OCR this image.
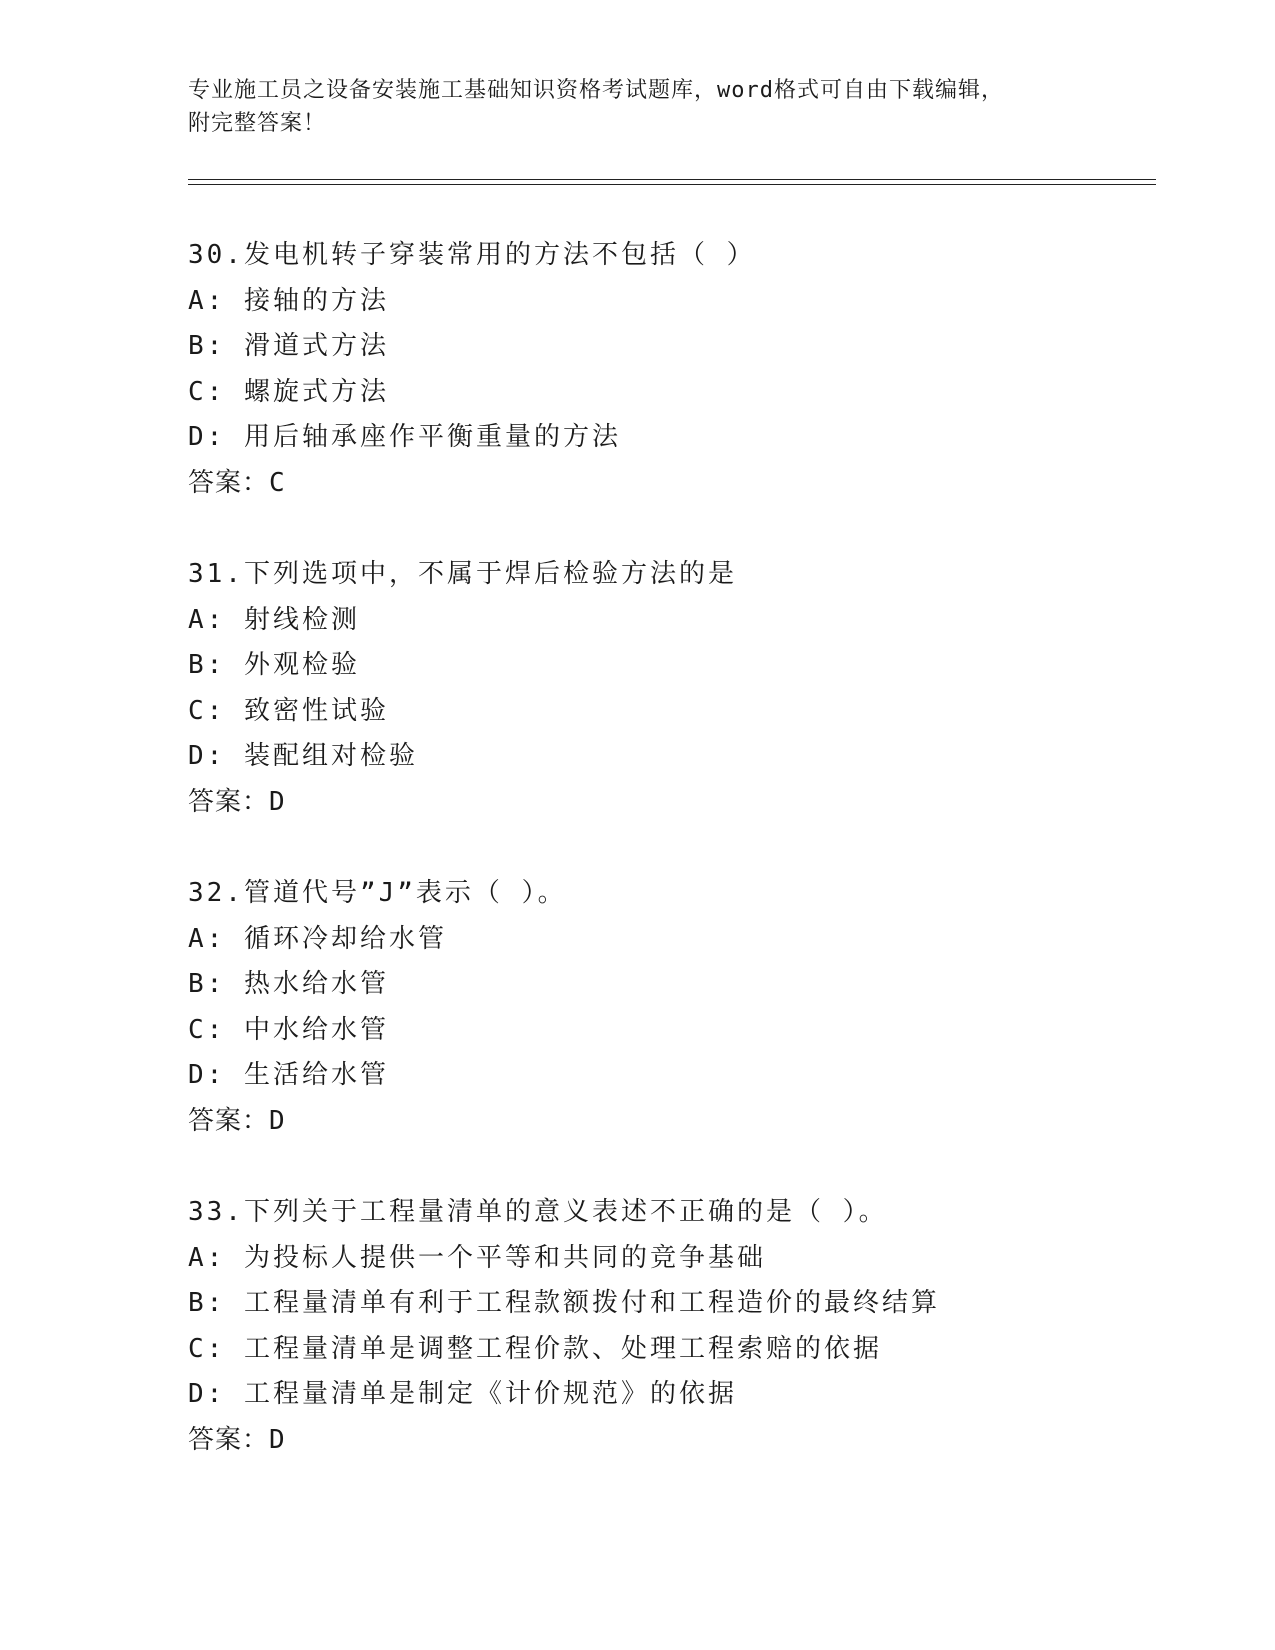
专业施工员之设备安装施工基础知识资格考试题库，word格式可自由下载编辑，
附完整答案！
30.发电机转子穿装常用的方法不包括（ ）
A: 接轴的方法
B: 滑道式方法
C: 螺旋式方法
D: 用后轴承座作平衡重量的方法
答案：C
31.下列选项中，不属于焊后检验方法的是
A: 射线检测
B: 外观检验
C: 致密性试验
D: 装配组对检验
答案：D
32.管道代号”J”表示（ ）。
A: 循环冷却给水管
B: 热水给水管
C: 中水给水管
D: 生活给水管
答案：D
33.下列关于工程量清单的意义表述不正确的是（ ）。
A: 为投标人提供一个平等和共同的竞争基础
B: 工程量清单有利于工程款额拨付和工程造价的最终结算
C: 工程量清单是调整工程价款、处理工程索赔的依据
D: 工程量清单是制定《计价规范》的依据
答案：D
